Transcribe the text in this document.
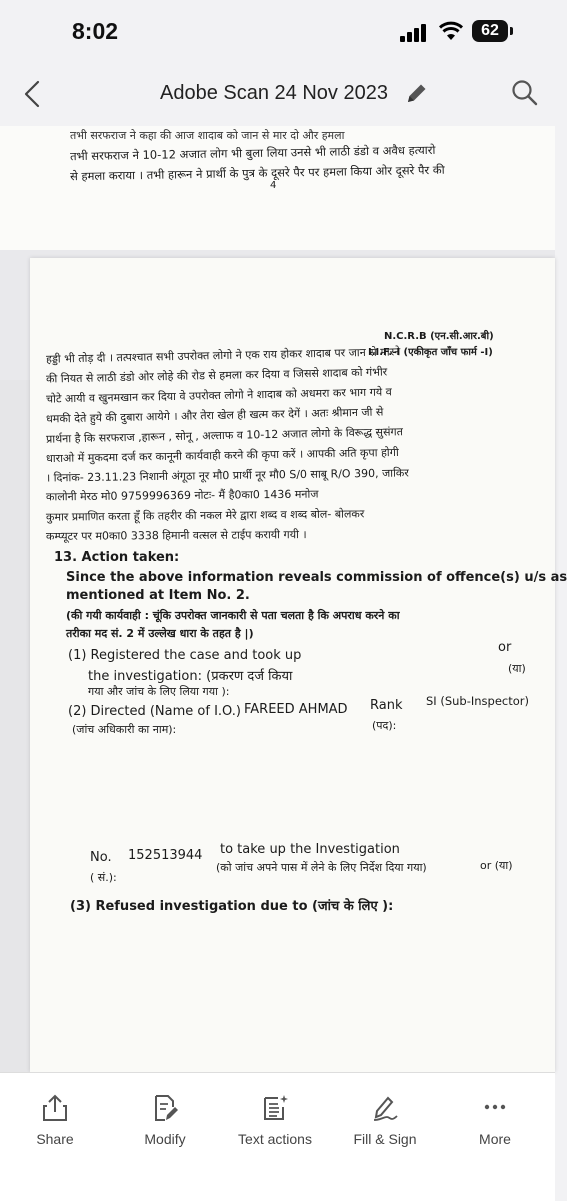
8:02	62
Adobe Scan 24 Nov 2023
तभी सरफराज ने कहा की आज शादाब को जान से मार दो और हमला
तभी सरफराज ने 10-12 अजात लोग भी बुला लिया उनसे भी लाठी डंडो व अवैध हत्यारो
से हमला कराया । तभी हारून ने प्रार्थी के पुत्र के दूसरे पैर पर हमला किया ओर दूसरे पैर की
4
N.C.R.B (एन.सी.आर.बी)
I.I.F.-I (एकीकृत जाँच फार्म -I)
हड्डी भी तोड़ दी । तत्पश्चात सभी उपरोक्त लोगो ने एक राय होकर शादाब पर जान से मारने
की नियत से लाठी डंडो ओर लोहे की रोड से हमला कर दिया व जिससे शादाब को गंभीर
चोटे आयी व खुनमखान कर दिया वे उपरोक्त लोगो ने शादाब को अधमरा कर भाग गये व
धमकी देते हुये की दुबारा आयेगे । और तेरा खेल ही खत्म कर देगें । अतः श्रीमान जी से
प्रार्थना है कि सरफराज ,हारून , सोनू , अल्ताफ व 10-12 अजात लोगो के विरूद्ध सुसंगत
धाराओ में मुकदमा दर्ज कर कानूनी कार्यवाही करने की कृपा करें । आपकी अति कृपा होगी
। दिनांक- 23.11.23 निशानी अंगूठा नूर मौ0 प्रार्थी नूर मौ0 S/0 साबू R/O 390, जाकिर
कालोनी मेरठ मो0 9759996369 नोटः- मैं है0का0 1436 मनोज
कुमार प्रमाणित करता हूँ कि तहरीर की नकल मेरे द्वारा शब्द व शब्द बोल- बोलकर
कम्प्यूटर पर म0का0 3338 हिमानी वत्सल से टाईप करायी गयी ।
13. Action taken:
Since the above information reveals commission of offence(s) u/s as
mentioned at Item No. 2.
(की गयी कार्यवाही : चूंकि उपरोक्त जानकारी से पता चलता है कि अपराध करने का
तरीका मद सं. 2 में उल्लेख धारा के तहत है |)
(1) Registered the case and took up
or
the investigation: (प्रकरण दर्ज किया
(या)
गया और जांच के लिए लिया गया ):
(2) Directed (Name of I.O.) FAREED AHMAD Rank SI (Sub-Inspector)
(जांच अधिकारी का नाम):	(पद):
No. 152513944 to take up the Investigation
( सं.):
(को जांच अपने पास में लेने के लिए निर्देश दिया गया)	or (या)
(3) Refused investigation due to (जांच के लिए ):
Share	Modify	Text actions	Fill & Sign	More
